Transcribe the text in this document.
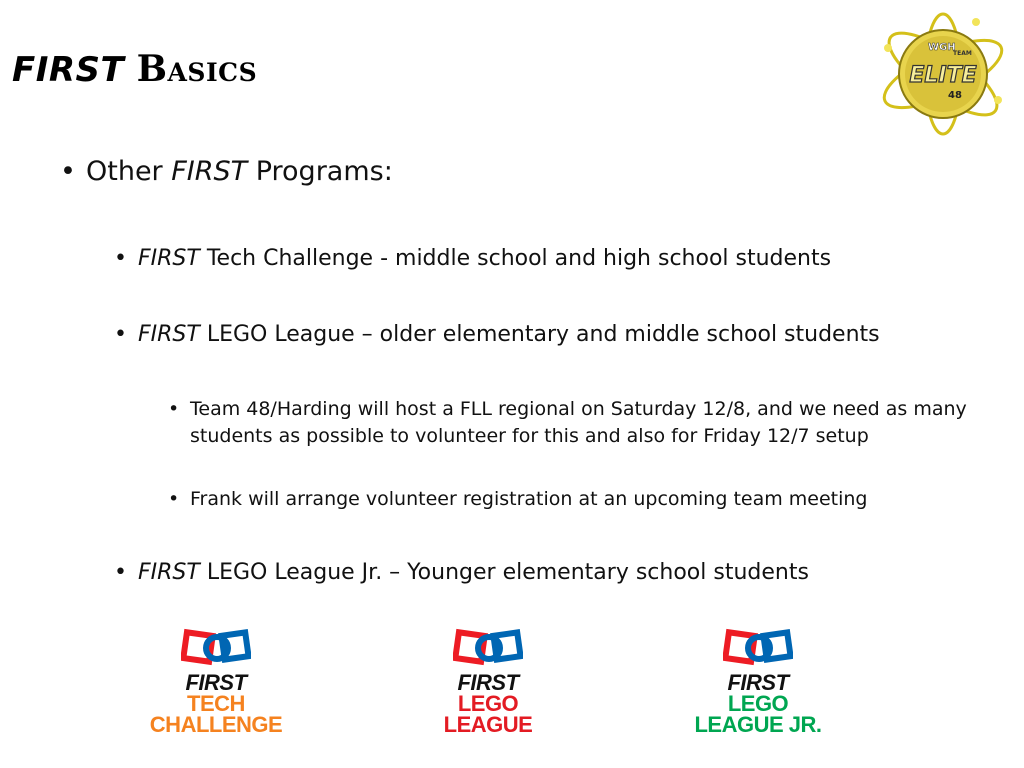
FIRST Basics
WGH
TEAM
ELITE
48
• Other FIRST Programs:
• FIRST Tech Challenge - middle school and high school students
• FIRST LEGO League – older elementary and middle school students
• Team 48/Harding will host a FLL regional on Saturday 12/8, and we need as many students as possible to volunteer for this and also for Friday 12/7 setup
• Frank will arrange volunteer registration at an upcoming team meeting
• FIRST LEGO League Jr. – Younger elementary school students
FIRST
TECH
CHALLENGE
FIRST
LEGO
LEAGUE
FIRST
LEGO
LEAGUE JR.
